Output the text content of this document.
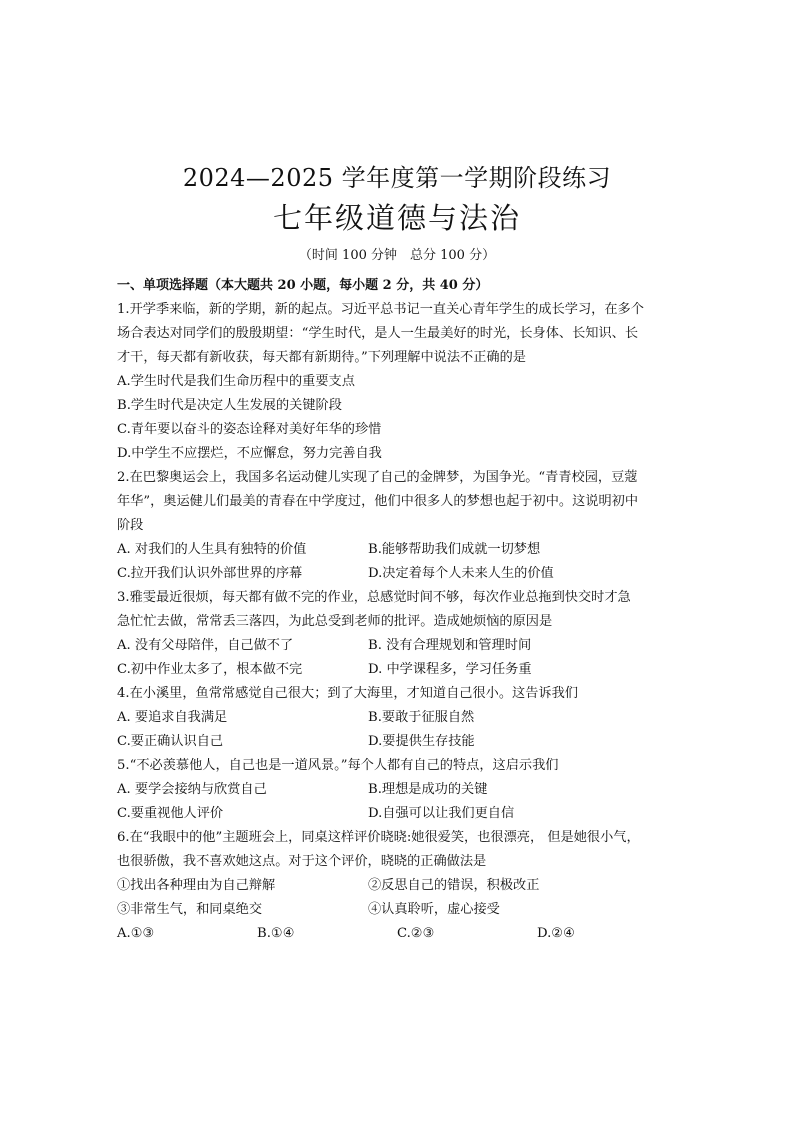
2024—2025 学年度第一学期阶段练习
七年级道德与法治
（时间 100 分钟　总分 100 分）
一、单项选择题（本大题共 20 小题，每小题 2 分，共 40 分）
1.开学季来临，新的学期，新的起点。习近平总书记一直关心青年学生的成长学习，在多个
场合表达对同学们的殷殷期望：“学生时代，是人一生最美好的时光，长身体、长知识、长
才干，每天都有新收获，每天都有新期待。”下列理解中说法不正确的是
A.学生时代是我们生命历程中的重要支点
B.学生时代是决定人生发展的关键阶段
C.青年要以奋斗的姿态诠释对美好年华的珍惜
D.中学生不应摆烂，不应懈怠，努力完善自我
2.在巴黎奥运会上，我国多名运动健儿实现了自己的金牌梦，为国争光。“青青校园，豆蔻
年华”，奥运健儿们最美的青春在中学度过，他们中很多人的梦想也起于初中。这说明初中
阶段
A. 对我们的人生具有独特的价值	B.能够帮助我们成就一切梦想
C.拉开我们认识外部世界的序幕	D.决定着每个人未来人生的价值
3.雅雯最近很烦，每天都有做不完的作业，总感觉时间不够，每次作业总拖到快交时才急
急忙忙去做，常常丢三落四，为此总受到老师的批评。造成她烦恼的原因是
A. 没有父母陪伴，自己做不了	B. 没有合理规划和管理时间
C.初中作业太多了，根本做不完	D. 中学课程多，学习任务重
4.在小溪里，鱼常常感觉自己很大；到了大海里，才知道自己很小。这告诉我们
A. 要追求自我满足	B.要敢于征服自然
C.要正确认识自己	D.要提供生存技能
5.“不必羡慕他人，自己也是一道风景。”每个人都有自己的特点，这启示我们
A. 要学会接纳与欣赏自己	B.理想是成功的关键
C.要重视他人评价	D.自强可以让我们更自信
6.在“我眼中的他”主题班会上，同桌这样评价晓晓:她很爱笑，也很漂亮， 但是她很小气，
也很骄傲，我不喜欢她这点。对于这个评价，晓晓的正确做法是
①找出各种理由为自己辩解	②反思自己的错误，积极改正
③非常生气，和同桌绝交	④认真聆听，虚心接受
A.①③	B.①④	C.②③	D.②④
